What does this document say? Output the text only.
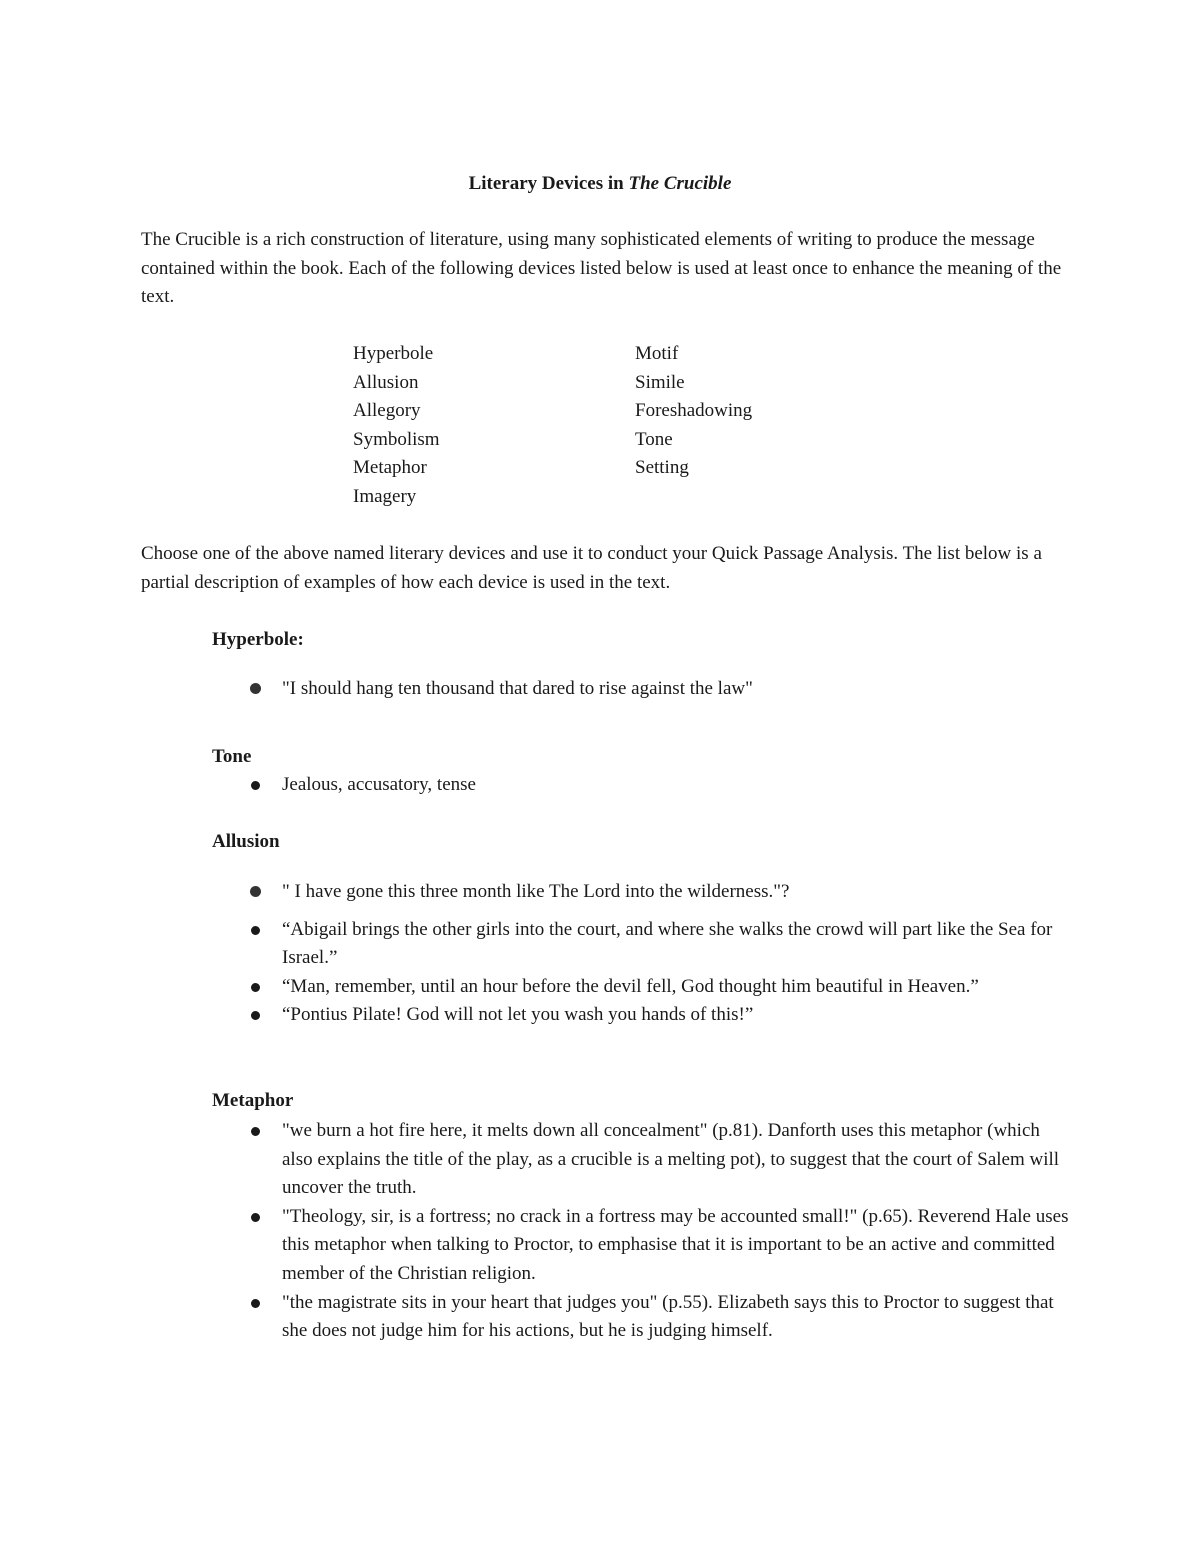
Literary Devices in The Crucible

The Crucible is a rich construction of literature, using many sophisticated elements of writing to produce the message contained within the book. Each of the following devices listed below is used at least once to enhance the meaning of the text.

Hyperbole
Allusion
Allegory
Symbolism
Metaphor
Imagery
Motif
Simile
Foreshadowing
Tone
Setting

Choose one of the above named literary devices and use it to conduct your Quick Passage Analysis. The list below is a partial description of examples of how each device is used in the text.

Hyperbole:
"I should hang ten thousand that dared to rise against the law"
Tone
Jealous, accusatory, tense
Allusion
" I have gone this three month like The Lord into the wilderness."?
“Abigail brings the other girls into the court, and where she walks the crowd will part like the Sea for Israel.”
“Man, remember, until an hour before the devil fell, God thought him beautiful in Heaven.”
“Pontius Pilate! God will not let you wash you hands of this!”
Metaphor
"we burn a hot fire here, it melts down all concealment" (p.81). Danforth uses this metaphor (which also explains the title of the play, as a crucible is a melting pot), to suggest that the court of Salem will uncover the truth.
"Theology, sir, is a fortress; no crack in a fortress may be accounted small!" (p.65). Reverend Hale uses this metaphor when talking to Proctor, to emphasise that it is important to be an active and committed member of the Christian religion.
"the magistrate sits in your heart that judges you" (p.55). Elizabeth says this to Proctor to suggest that she does not judge him for his actions, but he is judging himself.
